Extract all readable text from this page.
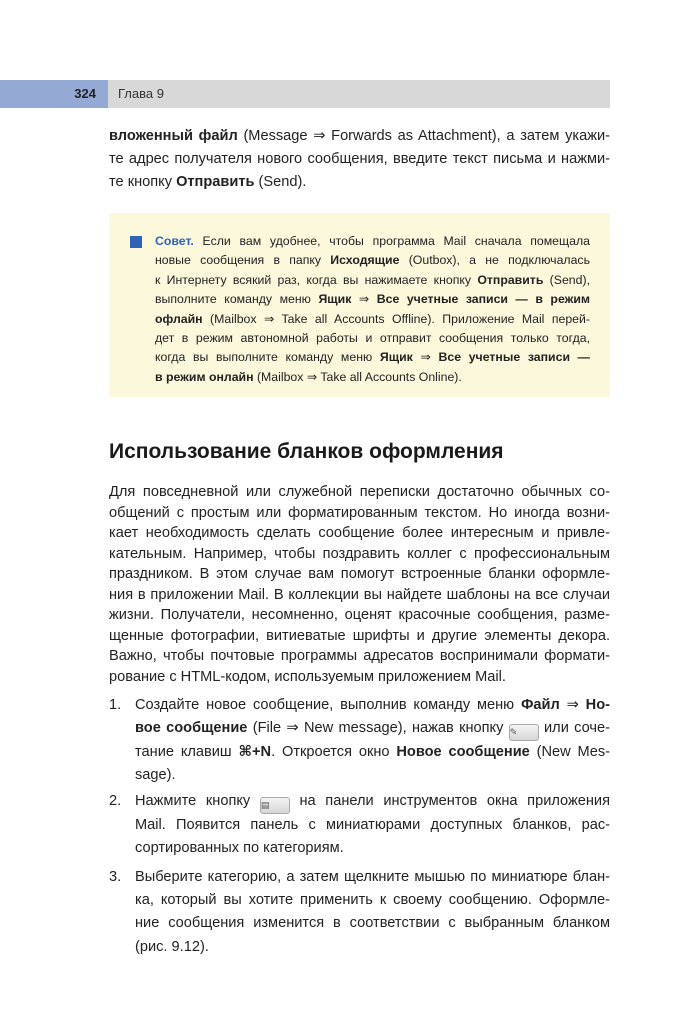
324 Глава 9
вложенный файл (Message ⇒ Forwards as Attachment), а затем укажи-
те адрес получателя нового сообщения, введите текст письма и нажми-
те кнопку Отправить (Send).
Совет. Если вам удобнее, чтобы программа Mail сначала помещала
новые сообщения в папку Исходящие (Outbox), а не подключалась
к Интернету всякий раз, когда вы нажимаете кнопку Отправить (Send),
выполните команду меню Ящик ⇒ Все учетные записи — в режим
офлайн (Mailbox ⇒ Take all Accounts Offline). Приложение Mail перей-
дет в режим автономной работы и отправит сообщения только тогда,
когда вы выполните команду меню Ящик ⇒ Все учетные записи —
в режим онлайн (Mailbox ⇒ Take all Accounts Online).
Использование бланков оформления
Для повседневной или служебной переписки достаточно обычных со-
общений с простым или форматированным текстом. Но иногда возни-
кает необходимость сделать сообщение более интересным и привле-
кательным. Например, чтобы поздравить коллег с профессиональным
праздником. В этом случае вам помогут встроенные бланки оформле-
ния в приложении Mail. В коллекции вы найдете шаблоны на все случаи
жизни. Получатели, несомненно, оценят красочные сообщения, разме-
щенные фотографии, витиеватые шрифты и другие элементы декора.
Важно, чтобы почтовые программы адресатов воспринимали формати-
рование с HTML-кодом, используемым приложением Mail.
1. Создайте новое сообщение, выполнив команду меню Файл ⇒ Но-
вое сообщение (File ⇒ New message), нажав кнопку ✎ или соче-
тание клавиш ⌘+N. Откроется окно Новое сообщение (New Mes-
sage).
2. Нажмите кнопку ▤ на панели инструментов окна приложения
Mail. Появится панель с миниатюрами доступных бланков, рас-
сортированных по категориям.
3. Выберите категорию, а затем щелкните мышью по миниатюре блан-
ка, который вы хотите применить к своему сообщению. Оформле-
ние сообщения изменится в соответствии с выбранным бланком
(рис. 9.12).
